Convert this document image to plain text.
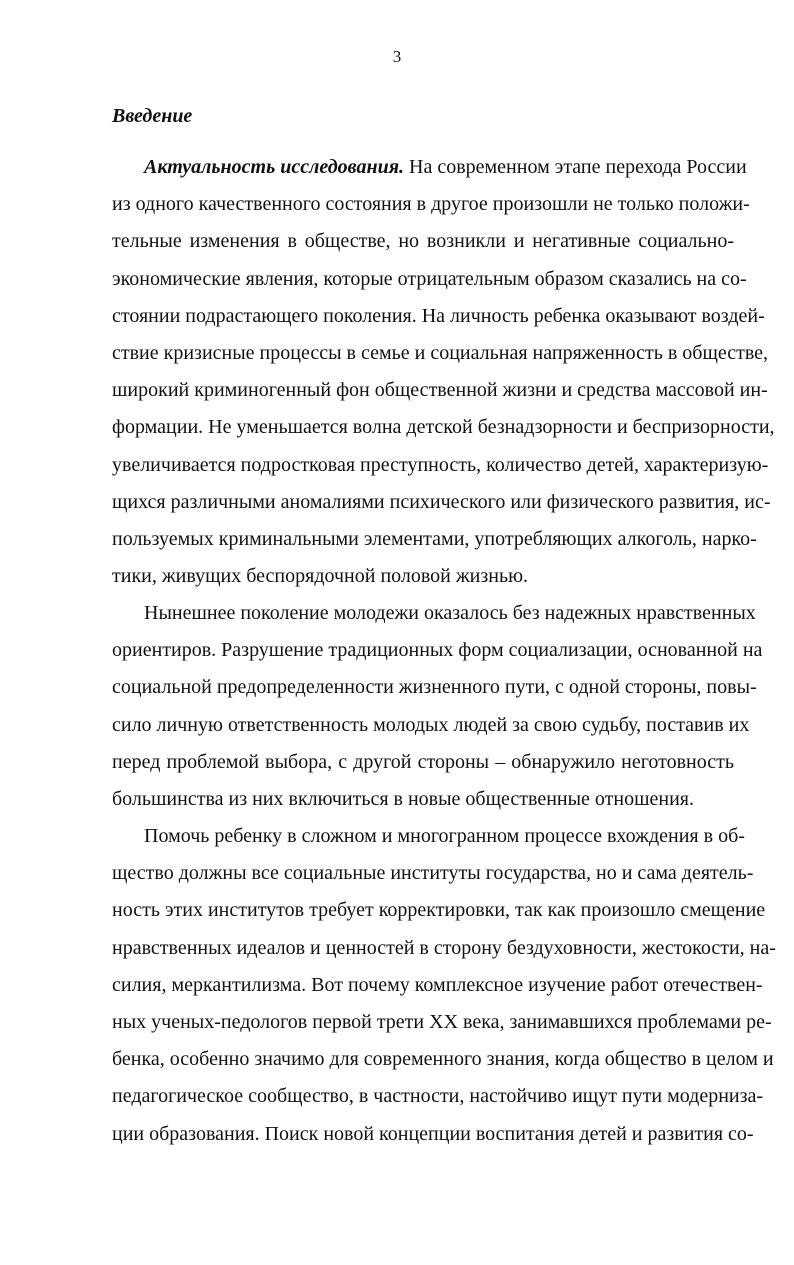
3
Введение
Актуальность исследования. На современном этапе перехода России
из одного качественного состояния в другое произошли не только положи-
тельные изменения в обществе, но возникли и негативные социально-
экономические явления, которые отрицательным образом сказались на со-
стоянии подрастающего поколения. На личность ребенка оказывают воздей-
ствие кризисные процессы в семье и социальная напряженность в обществе,
широкий криминогенный фон общественной жизни и средства массовой ин-
формации. Не уменьшается волна детской безнадзорности и беспризорности,
увеличивается подростковая преступность, количество детей, характеризую-
щихся различными аномалиями психического или физического развития, ис-
пользуемых криминальными элементами, употребляющих алкоголь, нарко-
тики, живущих беспорядочной половой жизнью.
Нынешнее поколение молодежи оказалось без надежных нравственных
ориентиров. Разрушение традиционных форм социализации, основанной на
социальной предопределенности жизненного пути, с одной стороны, повы-
сило личную ответственность молодых людей за свою судьбу, поставив их
перед проблемой выбора, с другой стороны – обнаружило неготовность
большинства из них включиться в новые общественные отношения.
Помочь ребенку в сложном и многогранном процессе вхождения в об-
щество должны все социальные институты государства, но и сама деятель-
ность этих институтов требует корректировки, так как произошло смещение
нравственных идеалов и ценностей в сторону бездуховности, жестокости, на-
силия, меркантилизма. Вот почему комплексное изучение работ отечествен-
ных ученых-педологов первой трети XX века, занимавшихся проблемами ре-
бенка, особенно значимо для современного знания, когда общество в целом и
педагогическое сообщество, в частности, настойчиво ищут пути модерниза-
ции образования. Поиск новой концепции воспитания детей и развития со-
